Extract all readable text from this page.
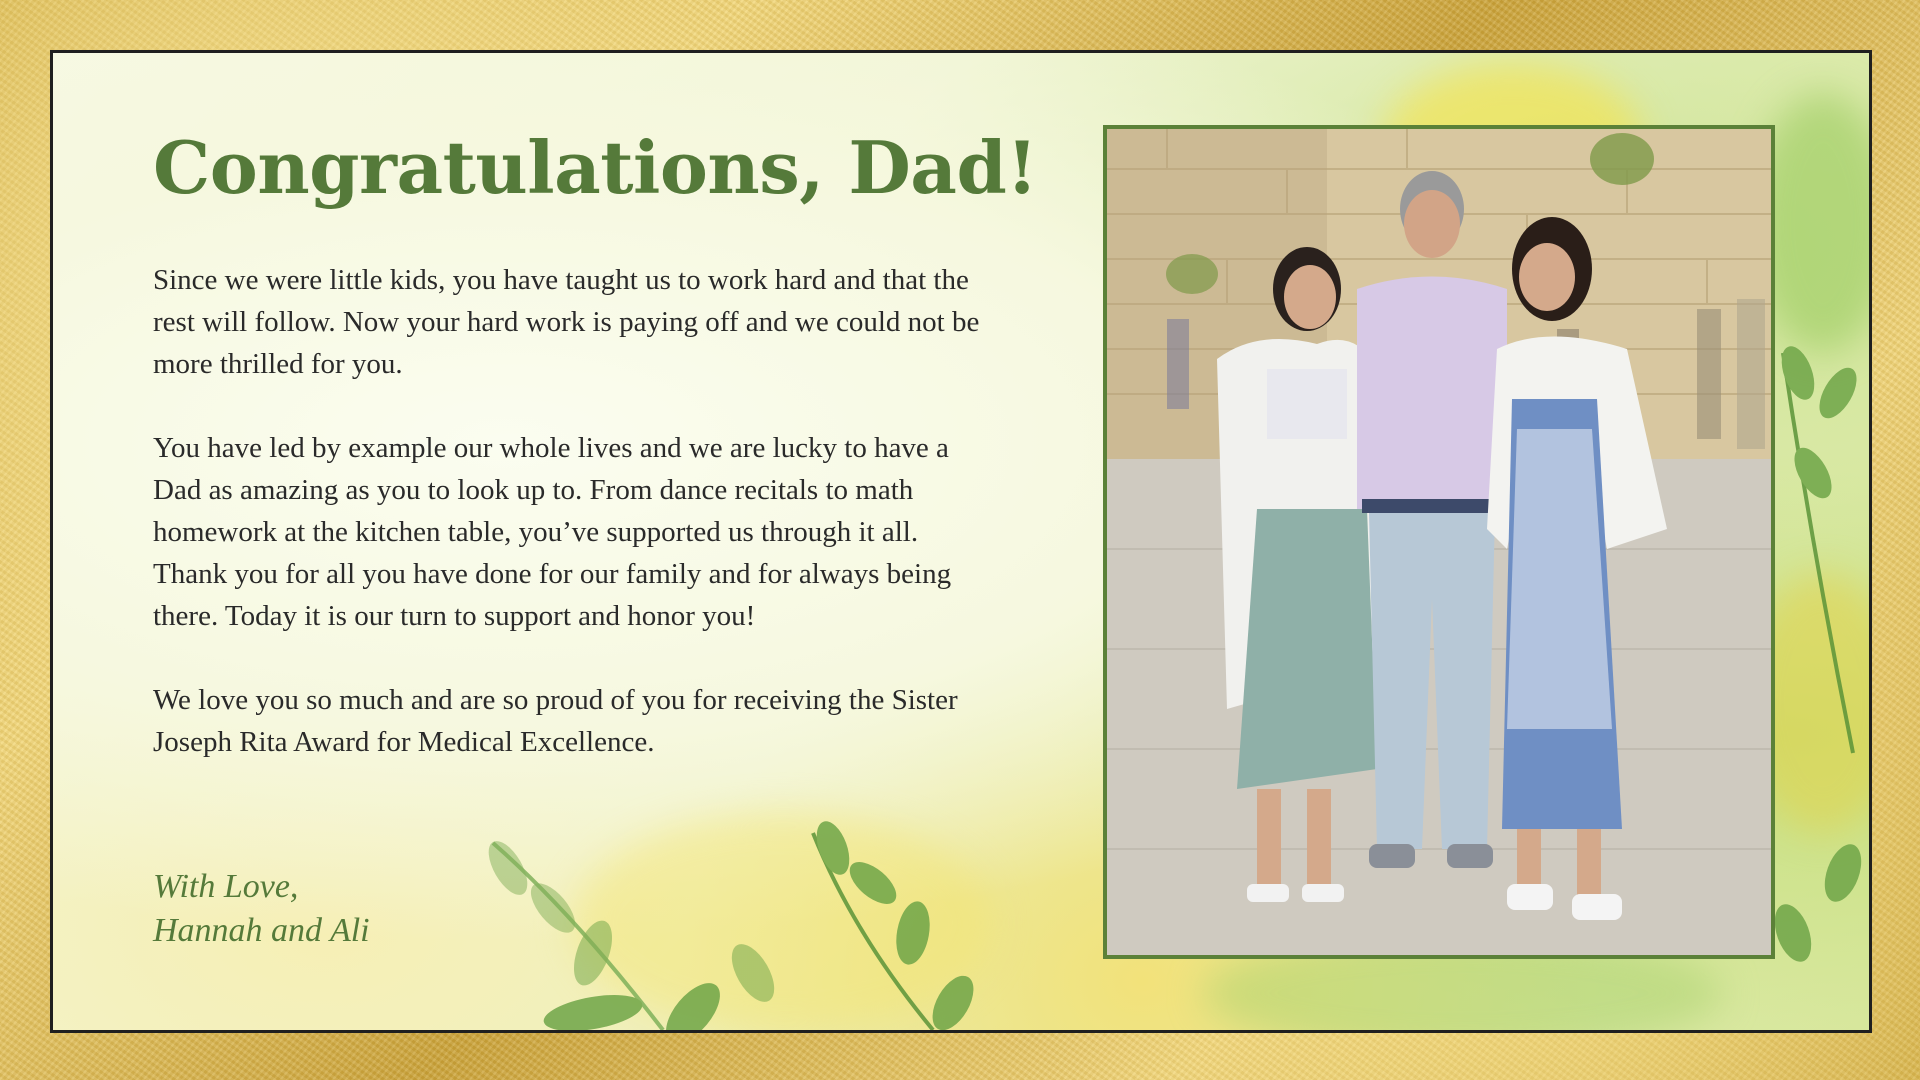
Congratulations, Dad!

Since we were little kids, you have taught us to work hard and that the rest will follow. Now your hard work is paying off and we could not be more thrilled for you.

You have led by example our whole lives and we are lucky to have a Dad as amazing as you to look up to. From dance recitals to math homework at the kitchen table, you’ve supported us through it all. Thank you for all you have done for our family and for always being there. Today it is our turn to support and honor you!

We love you so much and are so proud of you for receiving the Sister Joseph Rita Award for Medical Excellence.

With Love,
Hannah and Ali
